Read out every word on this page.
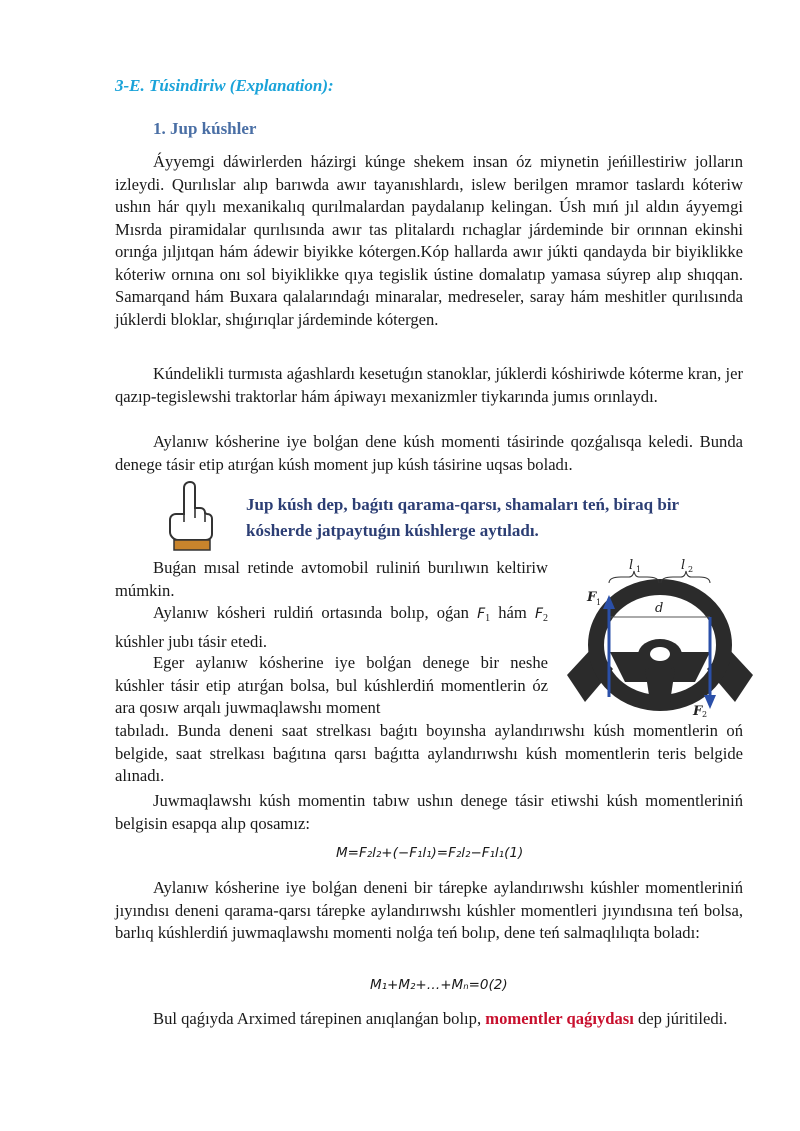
3-E. Túsindiriw (Explanation):
1. Jup kúshler

Áyyemgi dáwirlerden házirgi kúnge shekem insan óz miynetin jeńillestiriw jolların izleydi. Qurılıslar alıp barıwda awır tayanıshlardı, islew berilgen mramor taslardı kóteriw ushın hár qıylı mexanikalıq qurılmalardan paydalanıp kelingan. Úsh mıń jıl aldın áyyemgi Mısrda piramidalar qurılısında awır tas plitalardı rıchaglar járdeminde bir orınnan ekinshi orınǵa jıljıtqan hám ádewir biyikke kótergen.Kóp hallarda awır júkti qandayda bir biyiklikke kóteriw ornına onı sol biyiklikke qıya tegislik ústine domalatıp yamasa súyrep alıp shıqqan. Samarqand hám Buxara qalalarındaǵı minaralar, medreseler, saray hám meshitler qurılısında júklerdi bloklar, shıǵırıqlar járdeminde kótergen.

Kúndelikli turmısta aǵashlardı kesetuǵın stanoklar, júklerdi kóshiriwde kóterme kran, jer qazıp-tegislewshi traktorlar hám ápiwayı mexanizmler tiykarında jumıs orınlaydı.

Aylanıw kósherine iye bolǵan dene kúsh momenti tásirinde qozǵalısqa keledi. Bunda denege tásir etip atırǵan kúsh moment jup kúsh tásirine uqsas boladı.

Jup kúsh dep, baǵıtı qarama-qarsı, shamaları teń, biraq bir kósherde jatpaytuǵın kúshlerge aytıladı.

Buǵan mısal retinde avtomobil ruliniń burılıwın keltiriw múmkin.

Aylanıw kósheri ruldiń ortasında bolıp, oǵan $F_1$ hám $F_2$ kúshler jubı tásir etedi.

Eger aylanıw kósherine iye bolǵan denege bir neshe kúshler tásir etip atırǵan bolsa, bul kúshlerdiń momentlerin óz ara qosıw arqalı juwmaqlawshı moment

tabıladı. Bunda deneni saat strelkası baǵıtı boyınsha aylandırıwshı kúsh momentlerin oń belgide, saat strelkası baǵıtına qarsı baǵıtta aylandırıwshı kúsh momentlerin teris belgide alınadı.

d
l 1	l 2
F 1
F 2

Juwmaqlawshı kúsh momentin tabıw ushın denege tásir etiwshi kúsh momentleriniń belgisin esapqa alıp qosamız:

M=F₂l₂+(−F₁l₁)=F₂l₂−F₁l₁(1)

Aylanıw kósherine iye bolǵan deneni bir tárepke aylandırıwshı kúshler momentleriniń jıyındısı deneni qarama-qarsı tárepke aylandırıwshı kúshler momentleri jıyındısına teń bolsa, barlıq kúshlerdiń juwmaqlawshı momenti nolǵa teń bolıp, dene teń salmaqlılıqta boladı:

M₁+M₂+…+Mₙ=0(2)

Bul qaǵıyda Arximed tárepinen anıqlanǵan bolıp, momentler qaǵıydası dep júritiledi.
